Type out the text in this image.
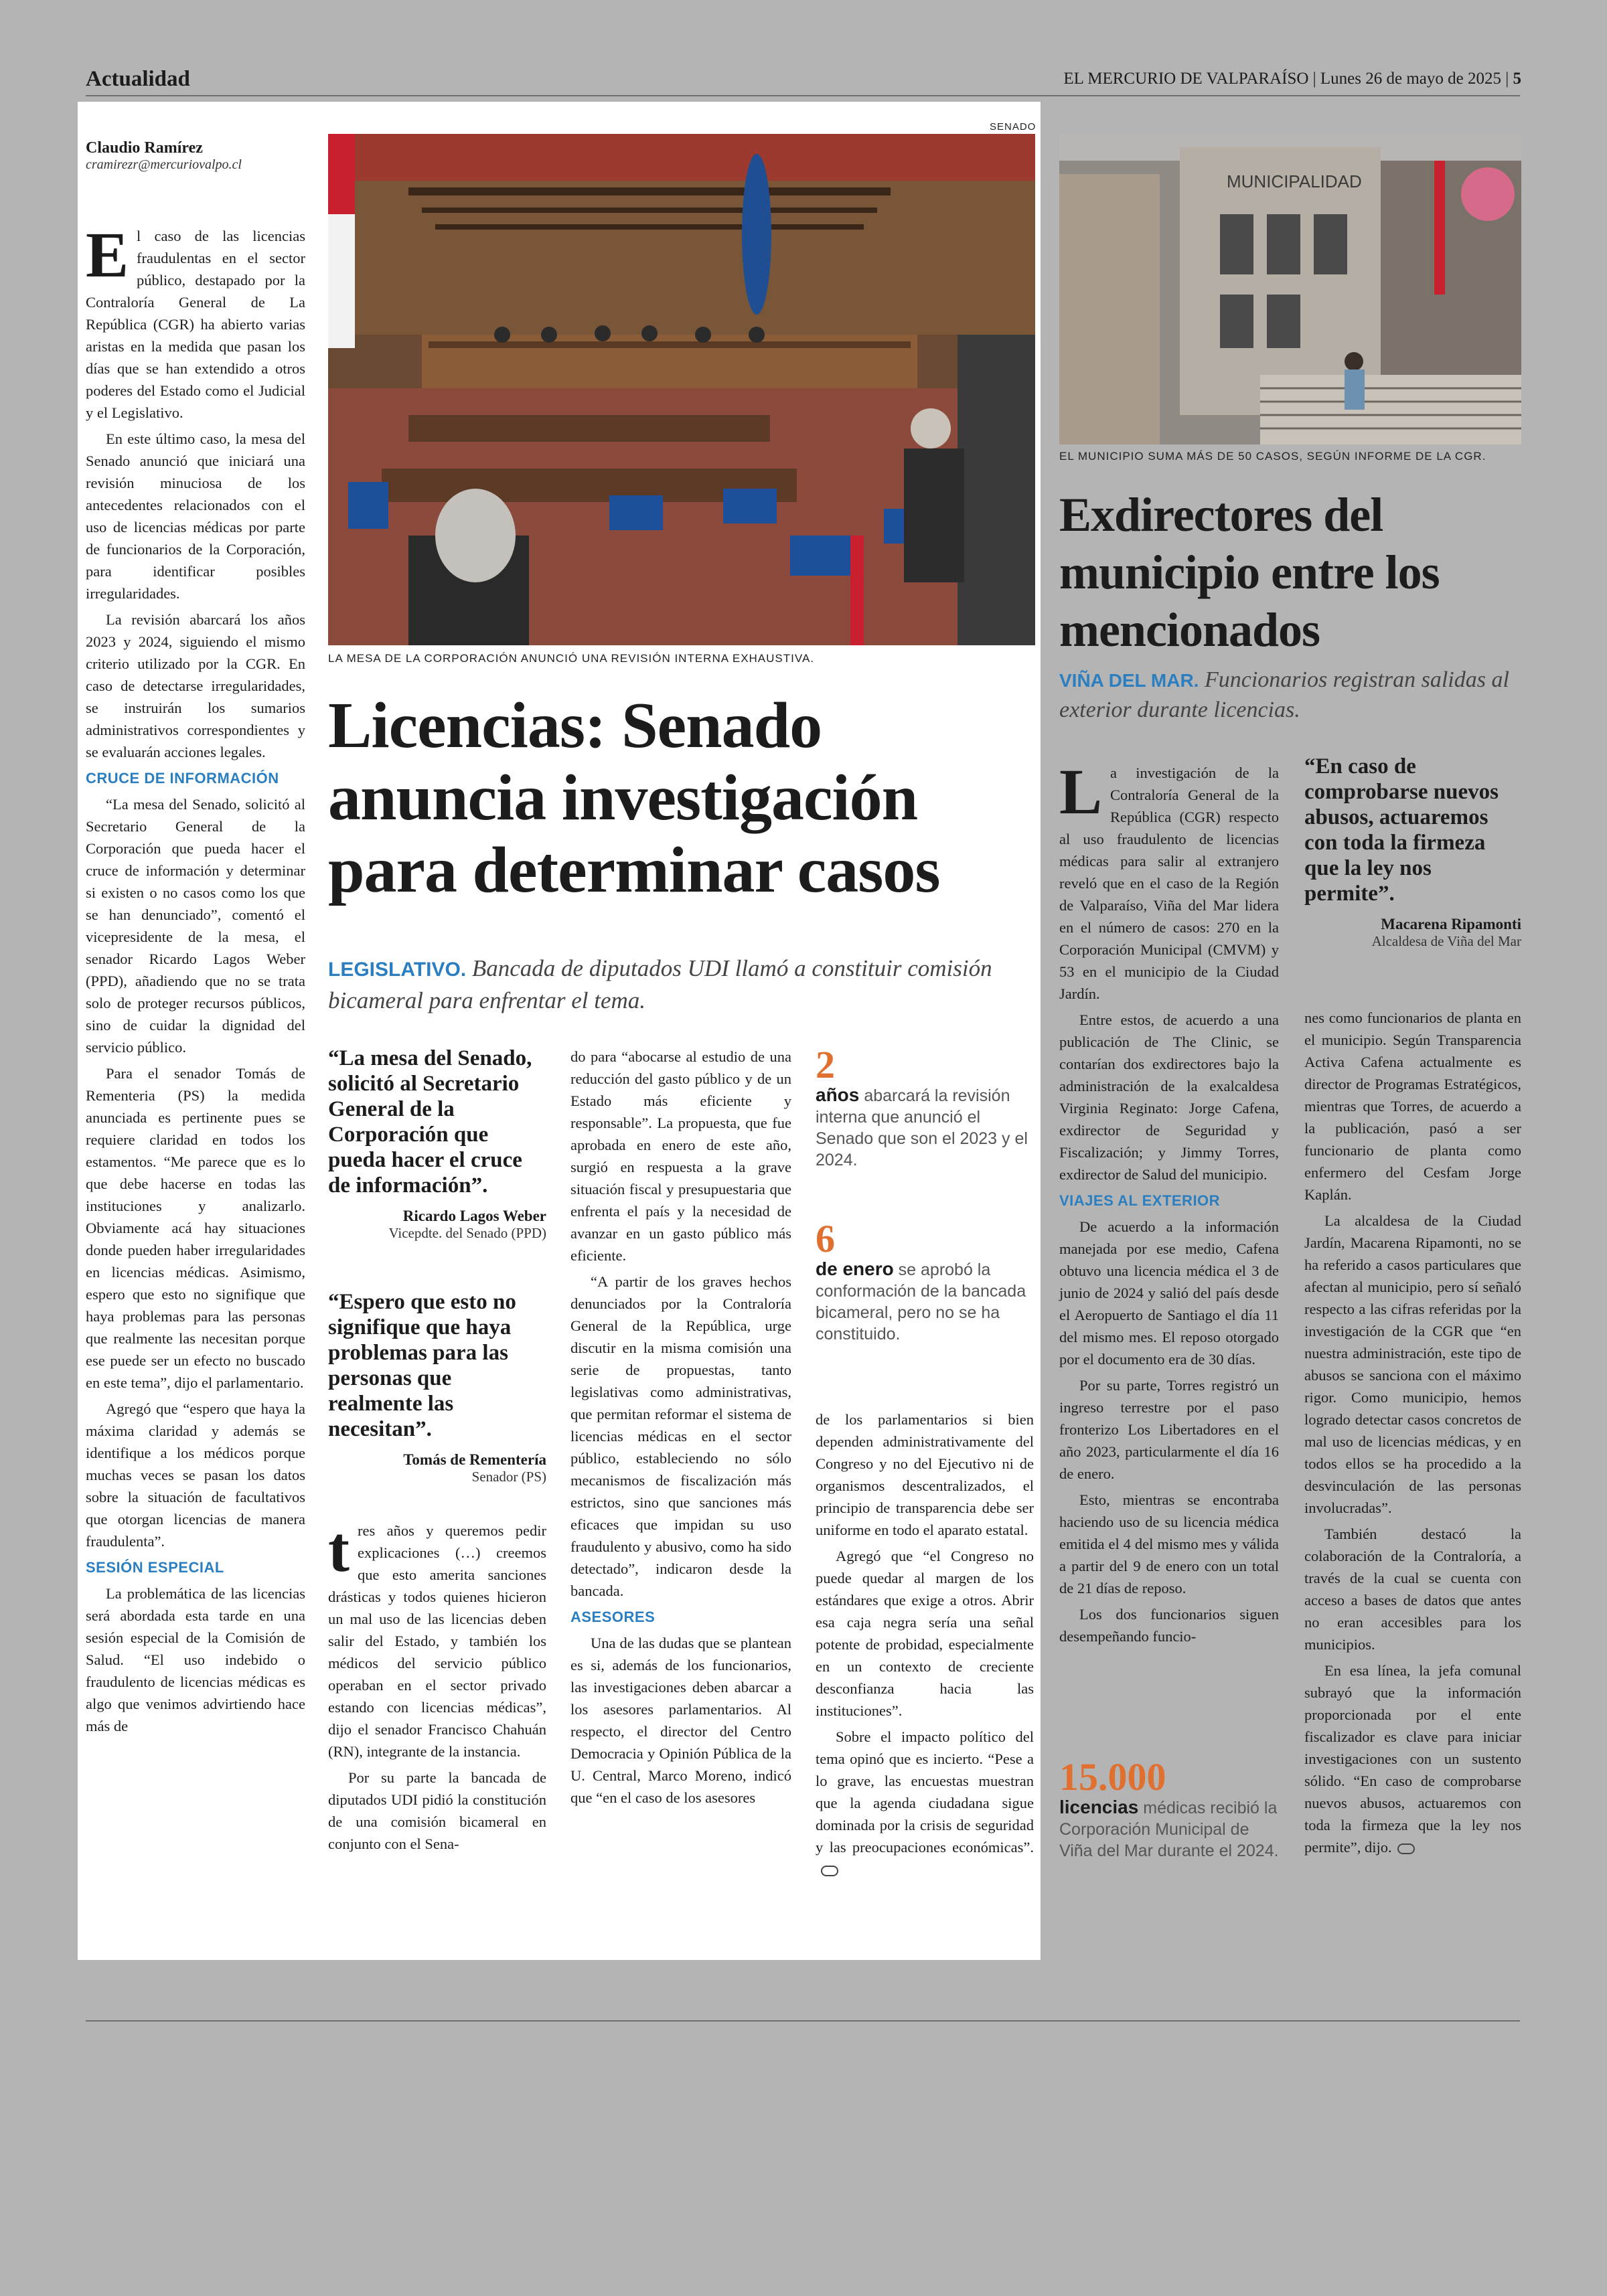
Actualidad	EL MERCURIO DE VALPARAÍSO | Lunes 26 de mayo de 2025 | 5
SENADO
LA MESA DE LA CORPORACIÓN ANUNCIÓ UNA REVISIÓN INTERNA EXHAUSTIVA.
Claudio Ramírez
cramirezr@mercuriovalpo.cl

El caso de las licencias fraudulentas en el sector público, destapado por la Contraloría General de La República (CGR) ha abierto varias aristas en la medida que pasan los días que se han extendido a otros poderes del Estado como el Judicial y el Legislativo.

En este último caso, la mesa del Senado anunció que iniciará una revisión minuciosa de los antecedentes relacionados con el uso de licencias médicas por parte de funcionarios de la Corporación, para identificar posibles irregularidades.

La revisión abarcará los años 2023 y 2024, siguiendo el mismo criterio utilizado por la CGR. En caso de detectarse irregularidades, se instruirán los sumarios administrativos correspondientes y se evaluarán acciones legales.

CRUCE DE INFORMACIÓN

“La mesa del Senado, solicitó al Secretario General de la Corporación que pueda hacer el cruce de información y determinar si existen o no casos como los que se han denunciado”, comentó el vicepresidente de la mesa, el senador Ricardo Lagos Weber (PPD), añadiendo que no se trata solo de proteger recursos públicos, sino de cuidar la dignidad del servicio público.

Para el senador Tomás de Rementeria (PS) la medida anunciada es pertinente pues se requiere claridad en todos los estamentos. “Me parece que es lo que debe hacerse en todas las instituciones y analizarlo. Obviamente acá hay situaciones donde pueden haber irregularidades en licencias médicas. Asimismo, espero que esto no signifique que haya problemas para las personas que realmente las necesitan porque ese puede ser un efecto no buscado en este tema”, dijo el parlamentario.

Agregó que “espero que haya la máxima claridad y además se identifique a los médicos porque muchas veces se pasan los datos sobre la situación de facultativos que otorgan licencias de manera fraudulenta”.

SESIÓN ESPECIAL

La problemática de las licencias será abordada esta tarde en una sesión especial de la Comisión de Salud. “El uso indebido o fraudulento de licencias médicas es algo que venimos advirtiendo hace más de

Licencias: Senado anuncia investigación para determinar casos
LEGISLATIVO. Bancada de diputados UDI llamó a constituir comisión bicameral para enfrentar el tema.
“La mesa del Senado, solicitó al Secretario General de la Corporación que pueda hacer el cruce de información”.
Ricardo Lagos Weber
Vicepdte. del Senado (PPD)
“Espero que esto no signifique que haya problemas para las personas que realmente las necesitan”.
Tomás de Rementería
Senador (PS)

tres años y queremos pedir explicaciones (…) creemos que esto amerita sanciones drásticas y todos quienes hicieron un mal uso de las licencias deben salir del Estado, y también los médicos del servicio público operaban en el sector privado estando con licencias médicas”, dijo el senador Francisco Chahuán (RN), integrante de la instancia.

Por su parte la bancada de diputados UDI pidió la constitución de una comisión bicameral en conjunto con el Sena-

do para “abocarse al estudio de una reducción del gasto público y de un Estado más eficiente y responsable”. La propuesta, que fue aprobada en enero de este año, surgió en respuesta a la grave situación fiscal y presupuestaria que enfrenta el país y la necesidad de avanzar en un gasto público más eficiente.

“A partir de los graves hechos denunciados por la Contraloría General de la República, urge discutir en la misma comisión una serie de propuestas, tanto legislativas como administrativas, que permitan reformar el sistema de licencias médicas en el sector público, estableciendo no sólo mecanismos de fiscalización más estrictos, sino que sanciones más eficaces que impidan su uso fraudulento y abusivo, como ha sido detectado”, indicaron desde la bancada.

ASESORES

Una de las dudas que se plantean es si, además de los funcionarios, las investigaciones deben abarcar a los asesores parlamentarios. Al respecto, el director del Centro Democracia y Opinión Pública de la U. Central, Marco Moreno, indicó que “en el caso de los asesores

2
años abarcará la revisión interna que anunció el Senado que son el 2023 y el 2024.
6
de enero se aprobó la conformación de la bancada bicameral, pero no se ha constituido.

de los parlamentarios si bien dependen administrativamente del Congreso y no del Ejecutivo ni de organismos descentralizados, el principio de transparencia debe ser uniforme en todo el aparato estatal.

Agregó que “el Congreso no puede quedar al margen de los estándares que exige a otros. Abrir esa caja negra sería una señal potente de probidad, especialmente en un contexto de creciente desconfianza hacia las instituciones”.

Sobre el impacto político del tema opinó que es incierto. “Pese a lo grave, las encuestas muestran que la agenda ciudadana sigue dominada por la crisis de seguridad y las preocupaciones económicas”.

MUNICIPALIDAD
EL MUNICIPIO SUMA MÁS DE 50 CASOS, SEGÚN INFORME DE LA CGR.
Exdirectores del municipio entre los mencionados
VIÑA DEL MAR. Funcionarios registran salidas al exterior durante licencias.

La investigación de la Contraloría General de la República (CGR) respecto al uso fraudulento de licencias médicas para salir al extranjero reveló que en el caso de la Región de Valparaíso, Viña del Mar lidera en el número de casos: 270 en la Corporación Municipal (CMVM) y 53 en el municipio de la Ciudad Jardín.

Entre estos, de acuerdo a una publicación de The Clinic, se contarían dos exdirectores bajo la administración de la exalcaldesa Virginia Reginato: Jorge Cafena, exdirector de Seguridad y Fiscalización; y Jimmy Torres, exdirector de Salud del municipio.

VIAJES AL EXTERIOR

De acuerdo a la información manejada por ese medio, Cafena obtuvo una licencia médica el 3 de junio de 2024 y salió del país desde el Aeropuerto de Santiago el día 11 del mismo mes. El reposo otorgado por el documento era de 30 días.

Por su parte, Torres registró un ingreso terrestre por el paso fronterizo Los Libertadores en el año 2023, particularmente el día 16 de enero.

Esto, mientras se encontraba haciendo uso de su licencia médica emitida el 4 del mismo mes y válida a partir del 9 de enero con un total de 21 días de reposo.

Los dos funcionarios siguen desempeñando funcio-

15.000
licencias médicas recibió la Corporación Municipal de Viña del Mar durante el 2024.
“En caso de comprobarse nuevos abusos, actuaremos con toda la firmeza que la ley nos permite”.
Macarena Ripamonti
Alcaldesa de Viña del Mar

nes como funcionarios de planta en el municipio. Según Transparencia Activa Cafena actualmente es director de Programas Estratégicos, mientras que Torres, de acuerdo a la publicación, pasó a ser funcionario de planta como enfermero del Cesfam Jorge Kaplán.

La alcaldesa de la Ciudad Jardín, Macarena Ripamonti, no se ha referido a casos particulares que afectan al municipio, pero sí señaló respecto a las cifras referidas por la investigación de la CGR que “en nuestra administración, este tipo de abusos se sanciona con el máximo rigor. Como municipio, hemos logrado detectar casos concretos de mal uso de licencias médicas, y en todos ellos se ha procedido a la desvinculación de las personas involucradas”.

También destacó la colaboración de la Contraloría, a través de la cual se cuenta con acceso a bases de datos que antes no eran accesibles para los municipios.

En esa línea, la jefa comunal subrayó que la información proporcionada por el ente fiscalizador es clave para iniciar investigaciones con un sustento sólido. “En caso de comprobarse nuevos abusos, actuaremos con toda la firmeza que la ley nos permite”, dijo.
